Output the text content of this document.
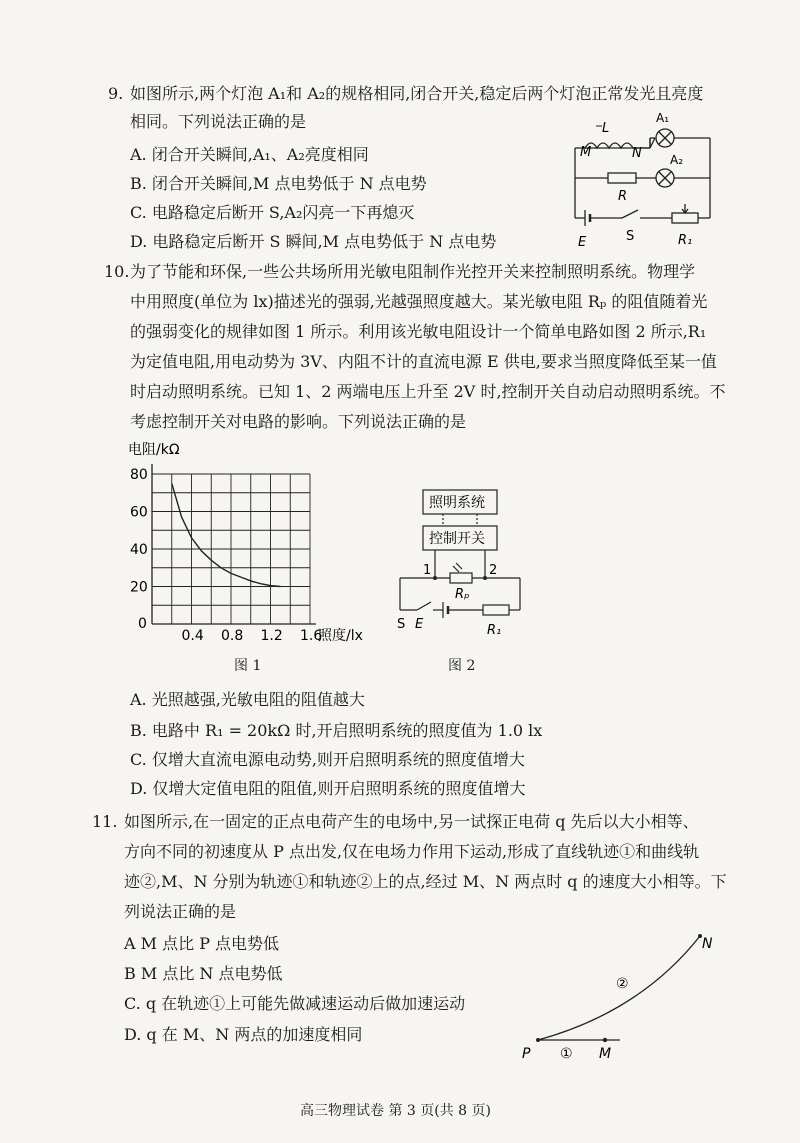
9. 如图所示,两个灯泡 A₁和 A₂的规格相同,闭合开关,稳定后两个灯泡正常发光且亮度
相同。下列说法正确的是
A. 闭合开关瞬间,A₁、A₂亮度相同
B. 闭合开关瞬间,M 点电势低于 N 点电势
C. 电路稳定后断开 S,A₂闪亮一下再熄灭
D. 电路稳定后断开 S 瞬间,M 点电势低于 N 点电势
L
M	N
A₁
A₂
R
E	S	R₁
10. 为了节能和环保,一些公共场所用光敏电阻制作光控开关来控制照明系统。物理学
中用照度(单位为 lx)描述光的强弱,光越强照度越大。某光敏电阻 Rₚ 的阻值随着光
的强弱变化的规律如图 1 所示。利用该光敏电阻设计一个简单电路如图 2 所示,R₁
为定值电阻,用电动势为 3V、内阻不计的直流电源 E 供电,要求当照度降低至某一值
时启动照明系统。已知 1、2 两端电压上升至 2V 时,控制开关自动启动照明系统。不
考虑控制开关对电路的影响。下列说法正确的是
0.4 0.8 1.2 1.6
0
20
40
60
80
电阻/kΩ
照度/lx
图 1
照明系统
控制开关
1	2
Rₚ
S E	R₁
图 2
A. 光照越强,光敏电阻的阻值越大
B. 电路中 R₁ = 20kΩ 时,开启照明系统的照度值为 1.0 lx
C. 仅增大直流电源电动势,则开启照明系统的照度值增大
D. 仅增大定值电阻的阻值,则开启照明系统的照度值增大
11. 如图所示,在一固定的正点电荷产生的电场中,另一试探正电荷 q 先后以大小相等、
方向不同的初速度从 P 点出发,仅在电场力作用下运动,形成了直线轨迹①和曲线轨
迹②,M、N 分别为轨迹①和轨迹②上的点,经过 M、N 两点时 q 的速度大小相等。下
列说法正确的是
A M 点比 P 点电势低
B M 点比 N 点电势低
C. q 在轨迹①上可能先做减速运动后做加速运动
D. q 在 M、N 两点的加速度相同
P ① M
②
N
高三物理试卷 第 3 页(共 8 页)
